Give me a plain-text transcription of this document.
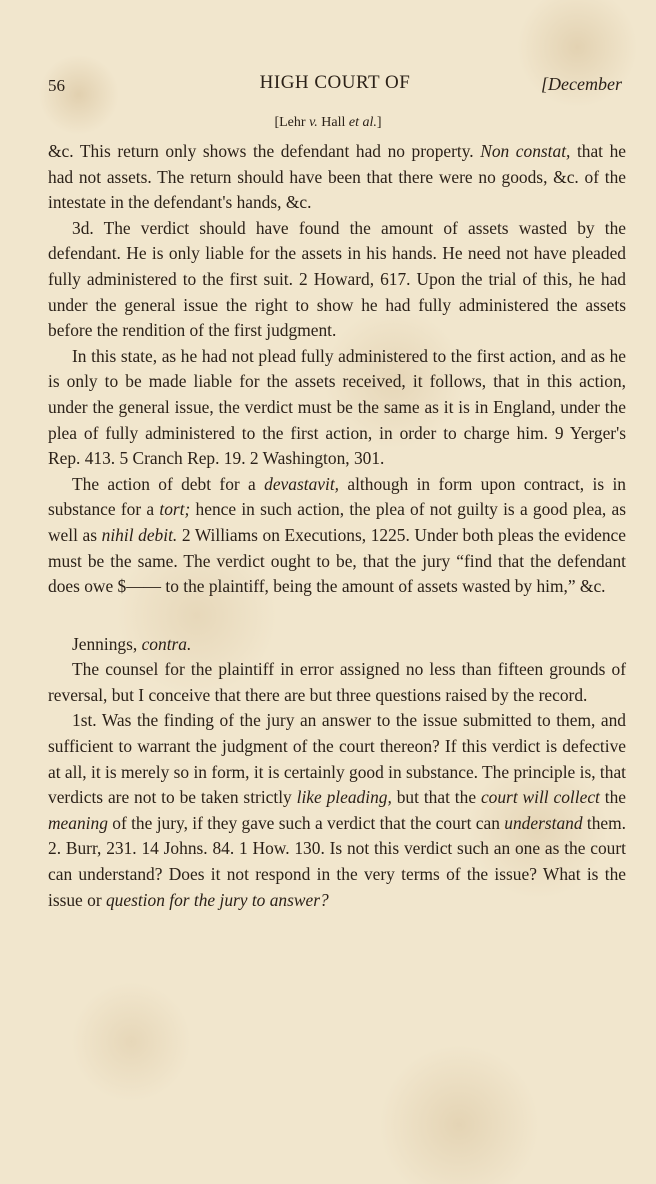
56	HIGH COURT OF	[December
[Lehr v. Hall et al.]

&c. This return only shows the defendant had no property. Non constat, that he had not assets. The return should have been that there were no goods, &c. of the intestate in the defendant's hands, &c.

3d. The verdict should have found the amount of assets wasted by the defendant. He is only liable for the assets in his hands. He need not have pleaded fully administered to the first suit. 2 Howard, 617. Upon the trial of this, he had under the general issue the right to show he had fully administered the assets before the rendition of the first judgment.

In this state, as he had not plead fully administered to the first action, and as he is only to be made liable for the assets received, it follows, that in this action, under the general issue, the verdict must be the same as it is in England, under the plea of fully administered to the first action, in order to charge him. 9 Yerger's Rep. 413. 5 Cranch Rep. 19. 2 Washington, 301.

The action of debt for a devastavit, although in form upon contract, is in substance for a tort; hence in such action, the plea of not guilty is a good plea, as well as nihil debit. 2 Williams on Executions, 1225. Under both pleas the evidence must be the same. The verdict ought to be, that the jury “find that the defendant does owe $—— to the plaintiff, being the amount of assets wasted by him,” &c.

Jennings, contra.

The counsel for the plaintiff in error assigned no less than fifteen grounds of reversal, but I conceive that there are but three questions raised by the record.

1st. Was the finding of the jury an answer to the issue submitted to them, and sufficient to warrant the judgment of the court thereon? If this verdict is defective at all, it is merely so in form, it is certainly good in substance. The principle is, that verdicts are not to be taken strictly like pleading, but that the court will collect the meaning of the jury, if they gave such a verdict that the court can understand them. 2. Burr, 231. 14 Johns. 84. 1 How. 130. Is not this verdict such an one as the court can understand? Does it not respond in the very terms of the issue? What is the issue or question for the jury to answer?
